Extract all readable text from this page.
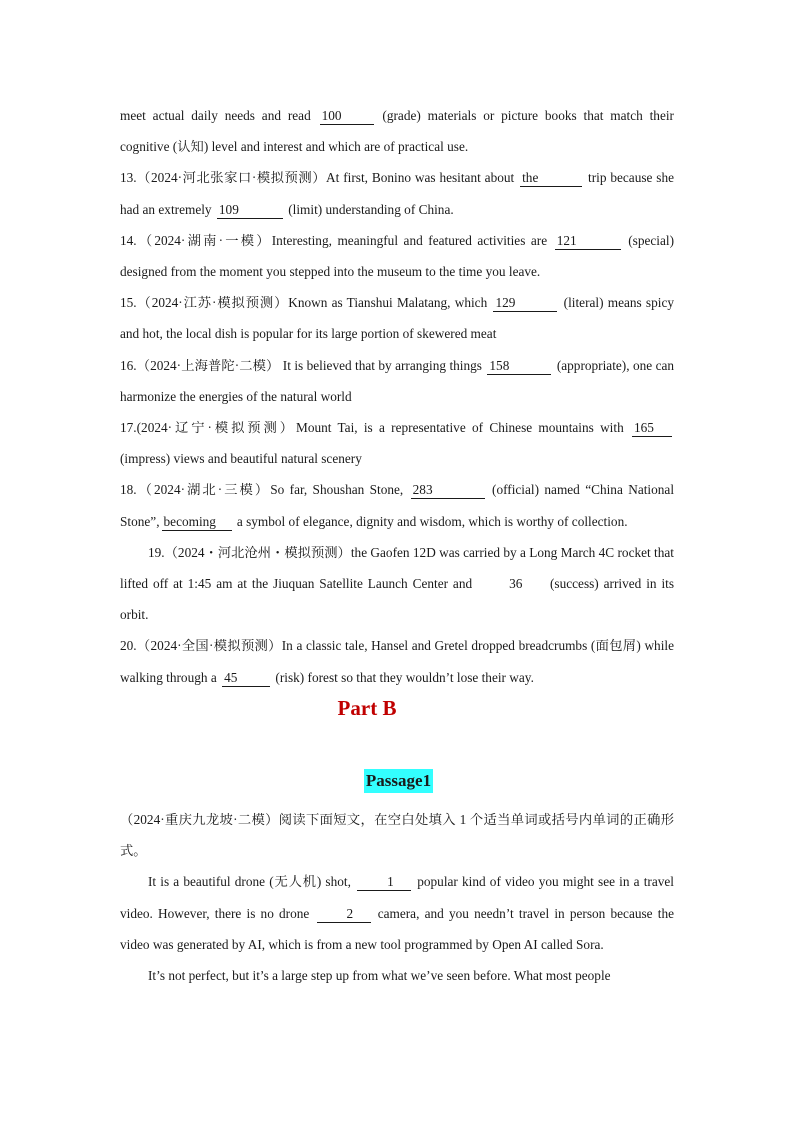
meet actual daily needs and read 100	(grade) materials or picture books that match their cognitive (认知) level and interest and which are of practical use.

13.（2024·河北张家口·模拟预测）At first, Bonino was hesitant about the	trip because she had an extremely 109	(limit) understanding of China.

14.（2024·湖南·一模）Interesting, meaningful and featured activities are 121	(special) designed from the moment you stepped into the museum to the time you leave.

15.（2024·江苏·模拟预测）Known as Tianshui Malatang, which 129	(literal) means spicy and hot, the local dish is popular for its large portion of skewered meat

16.（2024·上海普陀·二模） It is believed that by arranging things 158	(appropriate), one can harmonize the energies of the natural world

17.(2024·辽宁·模拟预测）Mount Tai, is a representative of Chinese mountains with 165 (impress) views and beautiful natural scenery

18.（2024·湖北·三模）So far, Shoushan Stone, 283	(official) named “China National Stone”, becoming a symbol of elegance, dignity and wisdom, which is worthy of collection.

19.（2024・河北沧州・模拟预测）the Gaofen 12D was carried by a Long March 4C rocket that lifted off at 1:45 am at the Jiuquan Satellite Launch Center and	36 (success) arrived in its orbit.

20.（2024·全国·模拟预测）In a classic tale, Hansel and Gretel dropped breadcrumbs (面包屑) while walking through a 45	(risk) forest so that they wouldn’t lose their way.

Part B
Passage1

（2024·重庆九龙坡·二模）阅读下面短文，在空白处填入 1 个适当单词或括号内单词的正确形式。

It is a beautiful drone (无人机) shot,	1 popular kind of video you might see in a travel video. However, there is no drone	2 camera, and you needn’t travel in person because the video was generated by AI, which is from a new tool programmed by Open AI called Sora.

It’s not perfect, but it’s a large step up from what we’ve seen before. What most people
